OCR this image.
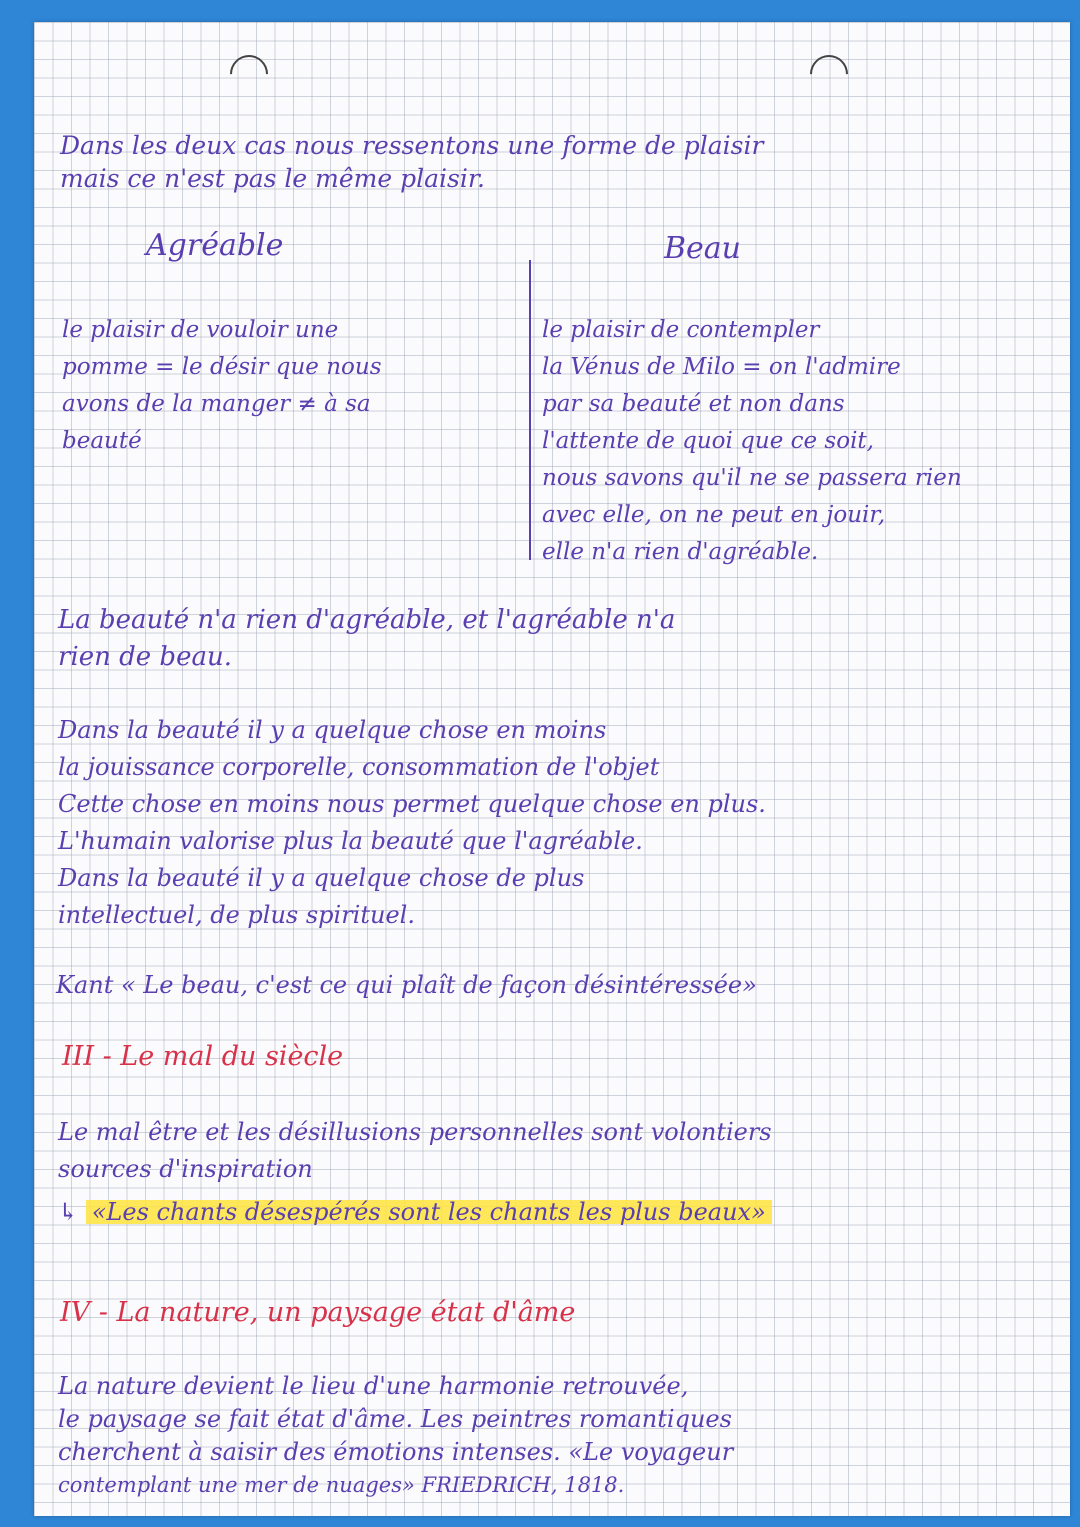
Dans les deux cas nous ressentons une forme de plaisir
mais ce n'est pas le même plaisir.
Agréable	Beau
le plaisir de vouloir une
pomme = le désir que nous
avons de la manger ≠ à sa
beauté
le plaisir de contempler
la Vénus de Milo = on l'admire
par sa beauté et non dans
l'attente de quoi que ce soit,
nous savons qu'il ne se passera rien
avec elle, on ne peut en jouir,
elle n'a rien d'agréable.
La beauté n'a rien d'agréable, et l'agréable n'a
rien de beau.
Dans la beauté il y a quelque chose en moins
la jouissance corporelle, consommation de l'objet
Cette chose en moins nous permet quelque chose en plus.
L'humain valorise plus la beauté que l'agréable.
Dans la beauté il y a quelque chose de plus
intellectuel, de plus spirituel.
Kant « Le beau, c'est ce qui plaît de façon désintéressée»
III - Le mal du siècle
Le mal être et les désillusions personnelles sont volontiers
sources d'inspiration
↳ «Les chants désespérés sont les chants les plus beaux»
IV - La nature, un paysage état d'âme
La nature devient le lieu d'une harmonie retrouvée,
le paysage se fait état d'âme. Les peintres romantiques
cherchent à saisir des émotions intenses. «Le voyageur
contemplant une mer de nuages» FRIEDRICH, 1818.
